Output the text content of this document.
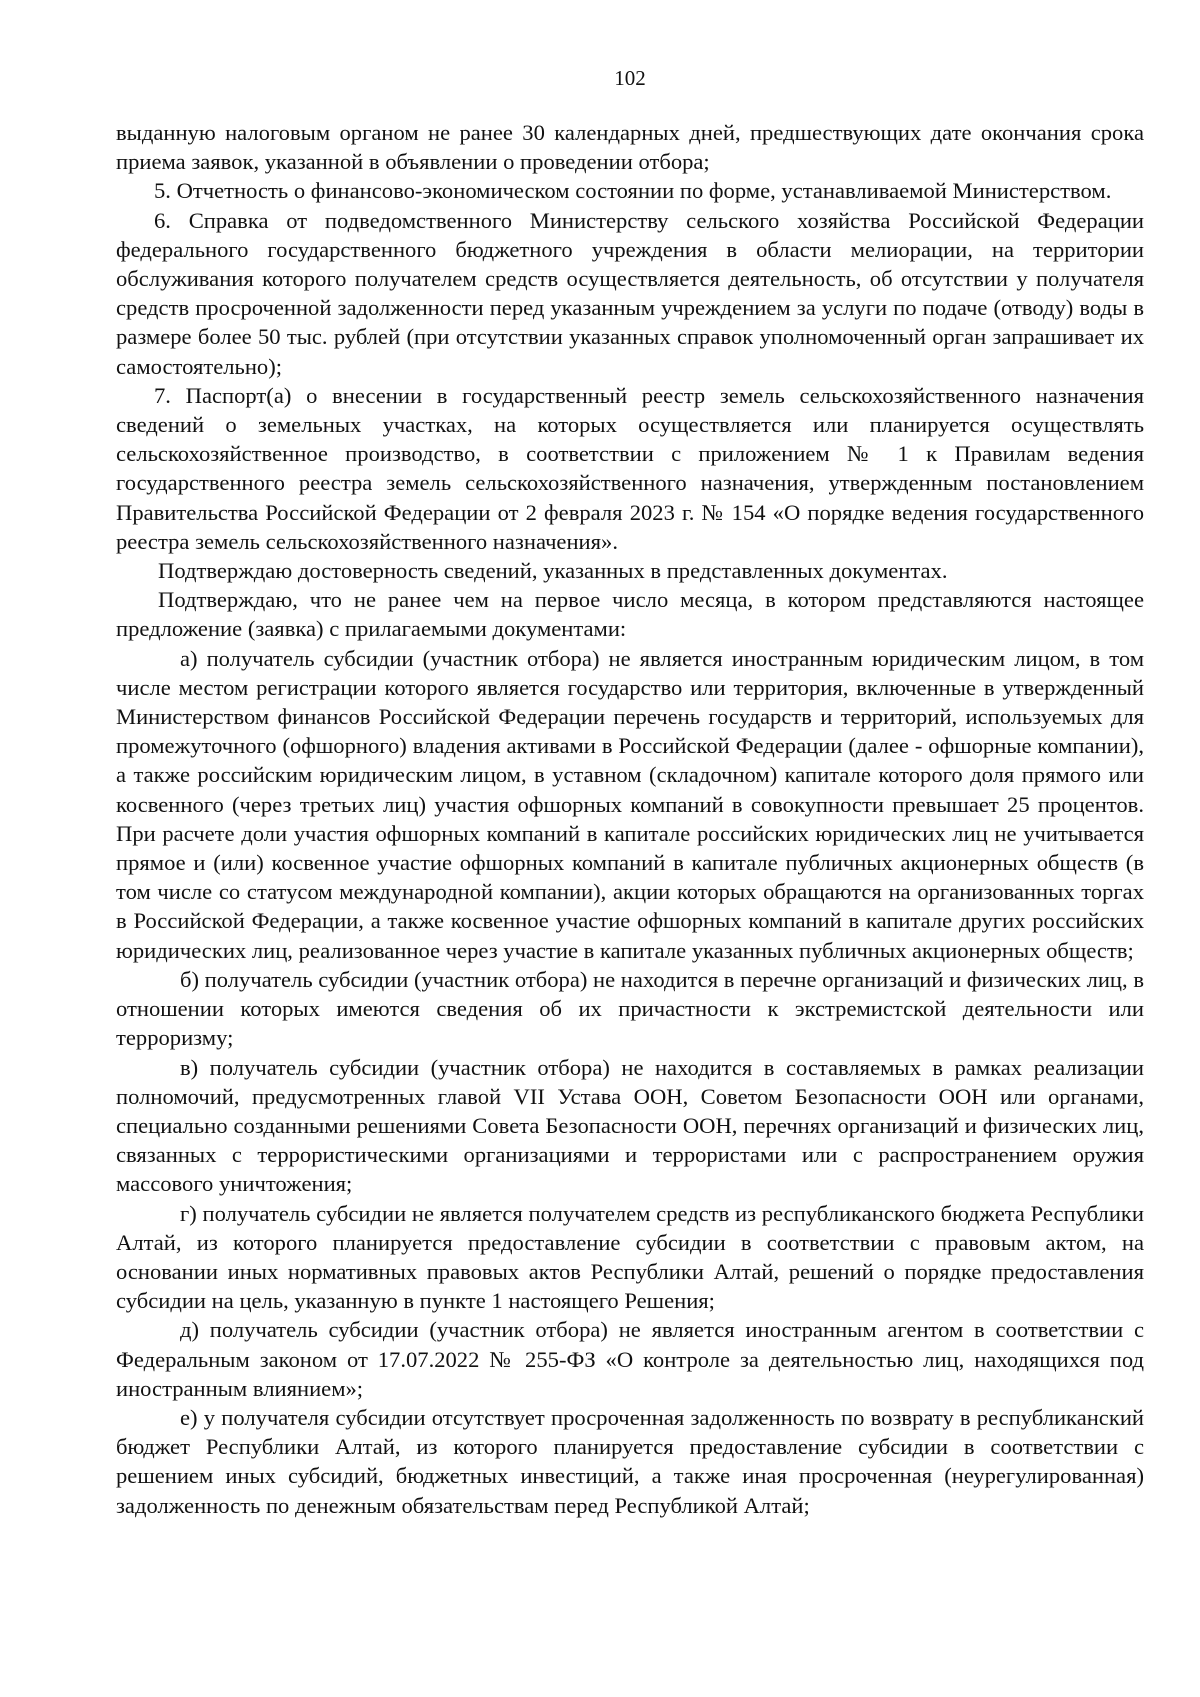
102

выданную налоговым органом не ранее 30 календарных дней, предшествующих дате окончания срока приема заявок, указанной в объявлении о проведении отбора;

5. Отчетность о финансово-экономическом состоянии по форме, устанавливаемой Министерством.

6. Справка от подведомственного Министерству сельского хозяйства Российской Федерации федерального государственного бюджетного учреждения в области мелиорации, на территории обслуживания которого получателем средств осуществляется деятельность, об отсутствии у получателя средств просроченной задолженности перед указанным учреждением за услуги по подаче (отводу) воды в размере более 50 тыс. рублей (при отсутствии указанных справок уполномоченный орган запрашивает их самостоятельно);

7. Паспорт(а) о внесении в государственный реестр земель сельскохозяйственного назначения сведений о земельных участках, на которых осуществляется или планируется осуществлять сельскохозяйственное производство, в соответствии с приложением № 1 к Правилам ведения государственного реестра земель сельскохозяйственного назначения, утвержденным постановлением Правительства Российской Федерации от 2 февраля 2023 г. № 154 «О порядке ведения государственного реестра земель сельскохозяйственного назначения».

Подтверждаю достоверность сведений, указанных в представленных документах.

Подтверждаю, что не ранее чем на первое число месяца, в котором представляются настоящее предложение (заявка) с прилагаемыми документами:

а) получатель субсидии (участник отбора) не является иностранным юридическим лицом, в том числе местом регистрации которого является государство или территория, включенные в утвержденный Министерством финансов Российской Федерации перечень государств и территорий, используемых для промежуточного (офшорного) владения активами в Российской Федерации (далее - офшорные компании), а также российским юридическим лицом, в уставном (складочном) капитале которого доля прямого или косвенного (через третьих лиц) участия офшорных компаний в совокупности превышает 25 процентов. При расчете доли участия офшорных компаний в капитале российских юридических лиц не учитывается прямое и (или) косвенное участие офшорных компаний в капитале публичных акционерных обществ (в том числе со статусом международной компании), акции которых обращаются на организованных торгах в Российской Федерации, а также косвенное участие офшорных компаний в капитале других российских юридических лиц, реализованное через участие в капитале указанных публичных акционерных обществ;

б) получатель субсидии (участник отбора) не находится в перечне организаций и физических лиц, в отношении которых имеются сведения об их причастности к экстремистской деятельности или терроризму;

в) получатель субсидии (участник отбора) не находится в составляемых в рамках реализации полномочий, предусмотренных главой VII Устава ООН, Советом Безопасности ООН или органами, специально созданными решениями Совета Безопасности ООН, перечнях организаций и физических лиц, связанных с террористическими организациями и террористами или с распространением оружия массового уничтожения;

г) получатель субсидии не является получателем средств из республиканского бюджета Республики Алтай, из которого планируется предоставление субсидии в соответствии с правовым актом, на основании иных нормативных правовых актов Республики Алтай, решений о порядке предоставления субсидии на цель, указанную в пункте 1 настоящего Решения;

д) получатель субсидии (участник отбора) не является иностранным агентом в соответствии с Федеральным законом от 17.07.2022 № 255-ФЗ «О контроле за деятельностью лиц, находящихся под иностранным влиянием»;

е) у получателя субсидии отсутствует просроченная задолженность по возврату в республиканский бюджет Республики Алтай, из которого планируется предоставление субсидии в соответствии с решением иных субсидий, бюджетных инвестиций, а также иная просроченная (неурегулированная) задолженность по денежным обязательствам перед Республикой Алтай;
